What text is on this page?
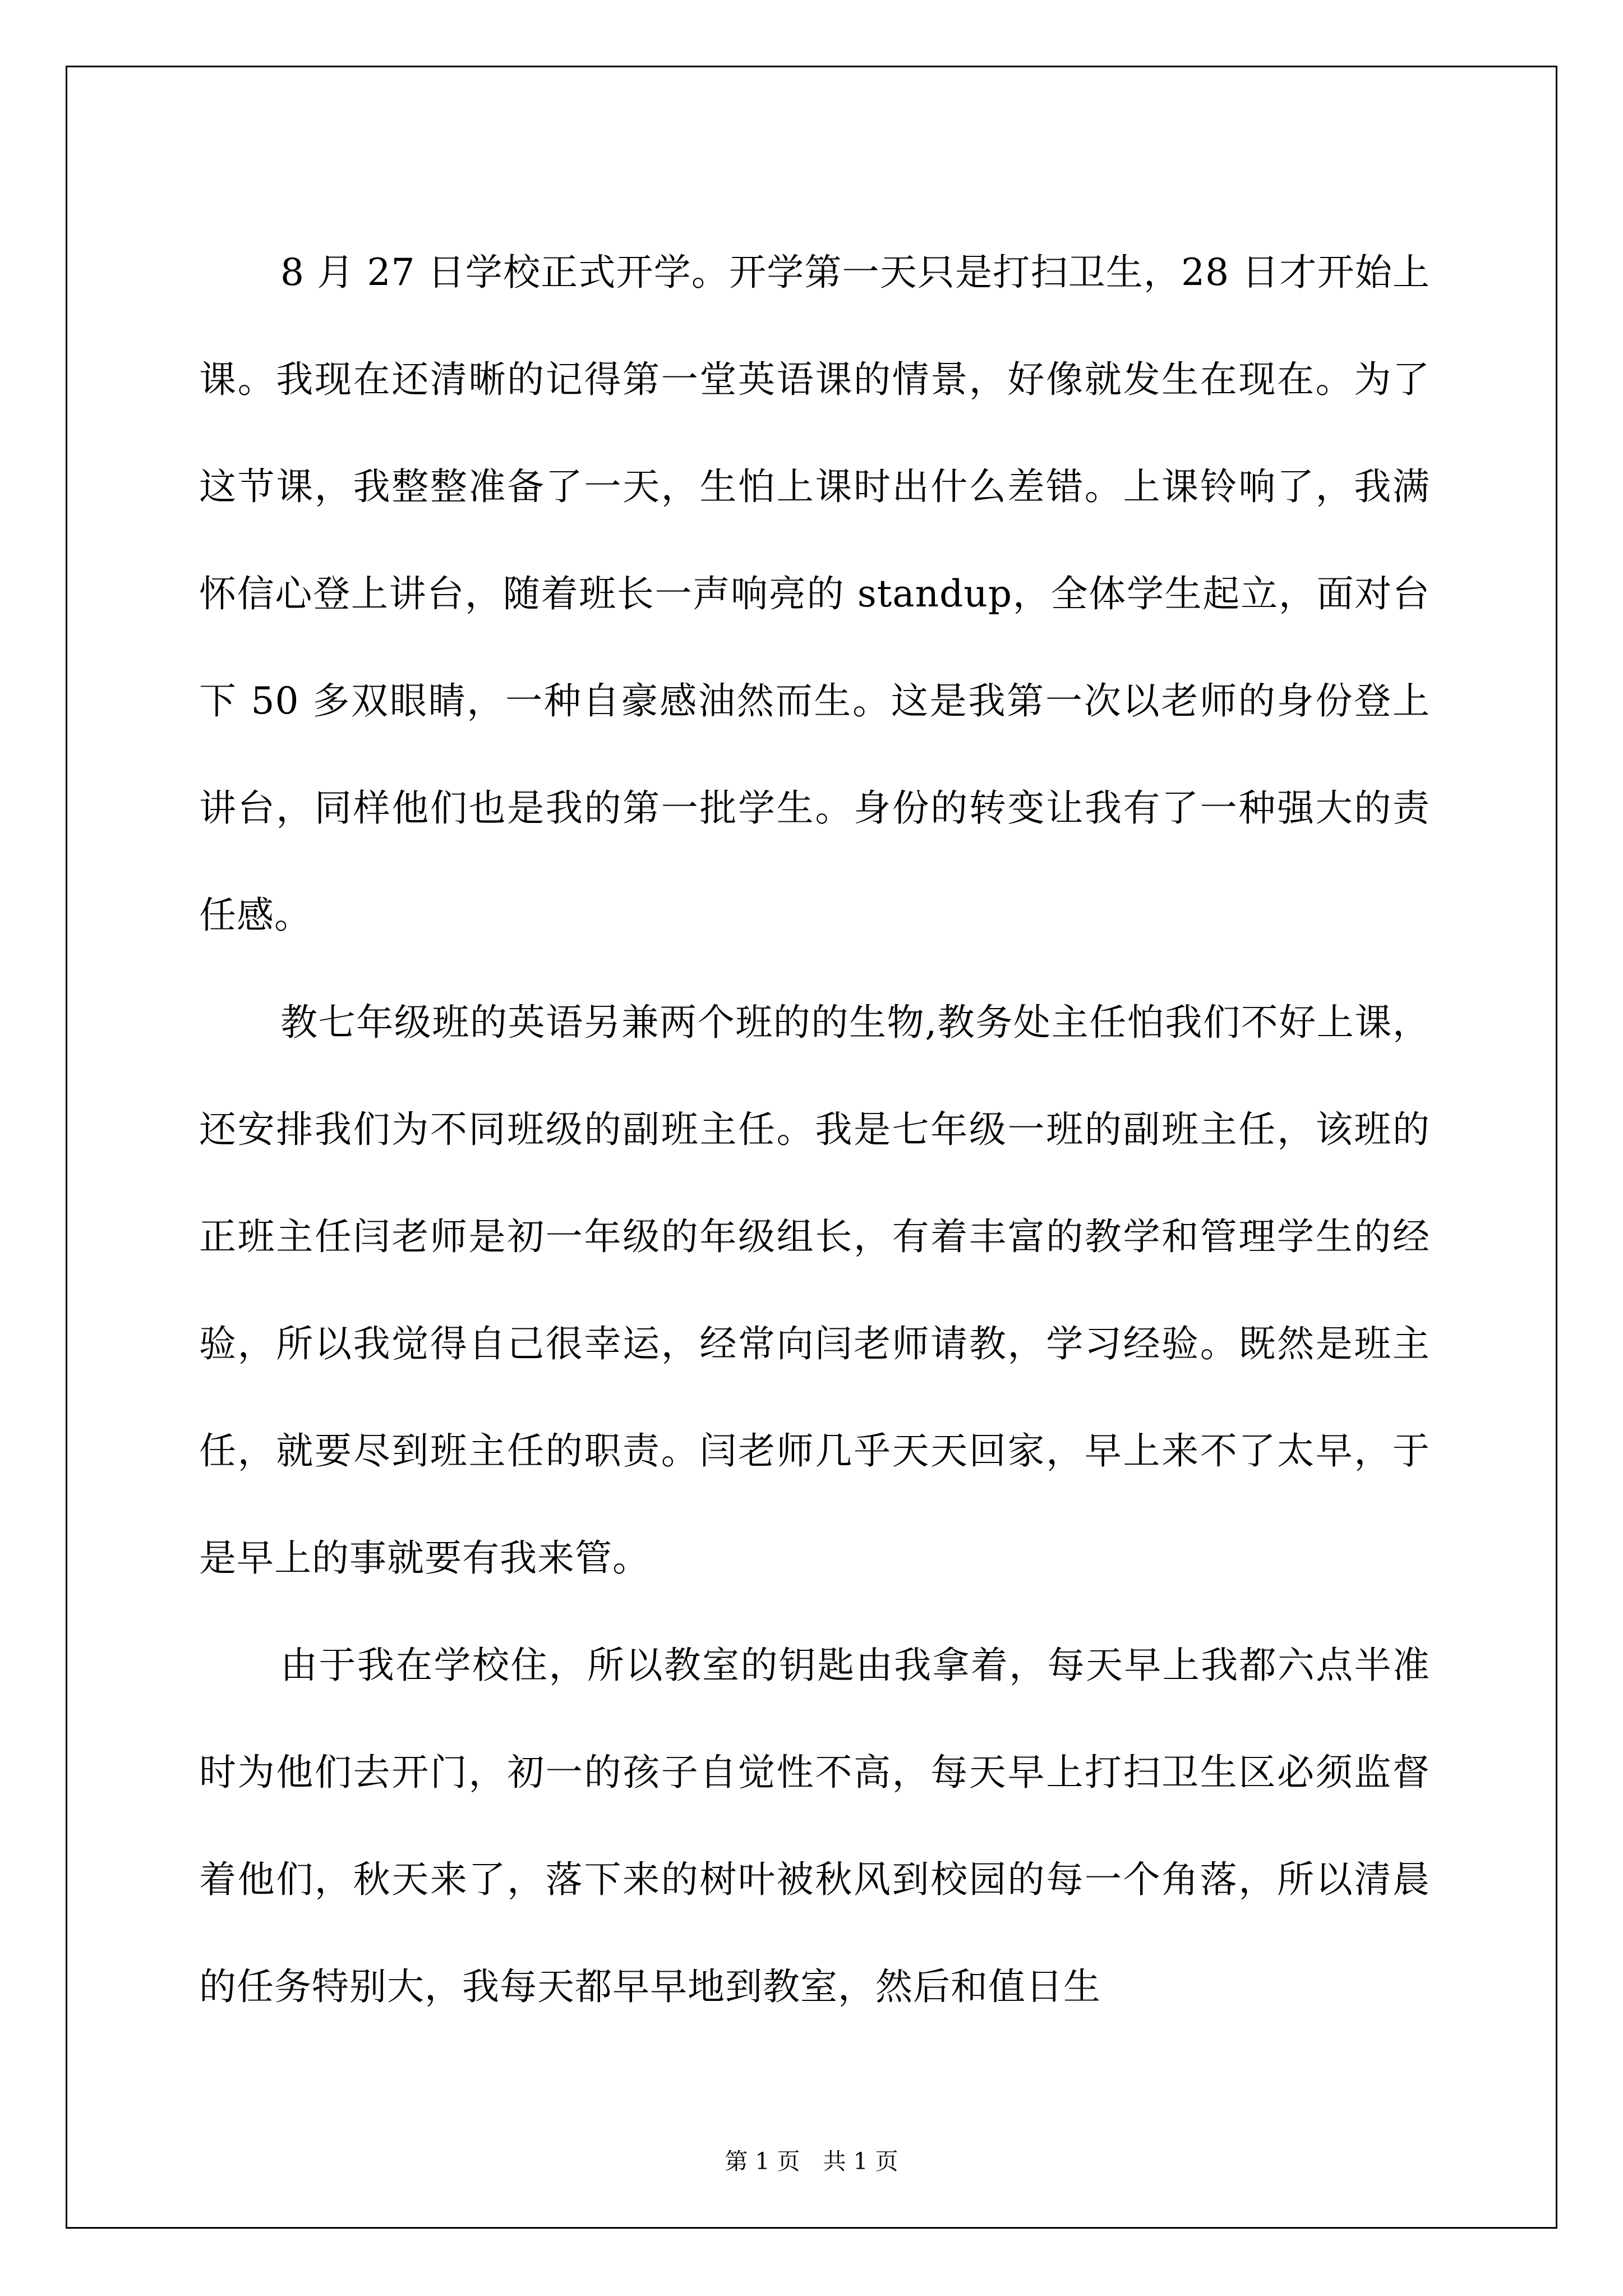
8 月 27 日学校正式开学。开学第一天只是打扫卫生，28 日才开始上课。我现在还清晰的记得第一堂英语课的情景，好像就发生在现在。为了这节课，我整整准备了一天，生怕上课时出什么差错。上课铃响了，我满怀信心登上讲台，随着班长一声响亮的 standup，全体学生起立，面对台下 50 多双眼睛，一种自豪感油然而生。这是我第一次以老师的身份登上讲台，同样他们也是我的第一批学生。身份的转变让我有了一种强大的责任感。

教七年级班的英语另兼两个班的的生物,教务处主任怕我们不好上课，还安排我们为不同班级的副班主任。我是七年级一班的副班主任，该班的正班主任闫老师是初一年级的年级组长，有着丰富的教学和管理学生的经验，所以我觉得自己很幸运，经常向闫老师请教，学习经验。既然是班主任，就要尽到班主任的职责。闫老师几乎天天回家，早上来不了太早，于是早上的事就要有我来管。

由于我在学校住，所以教室的钥匙由我拿着，每天早上我都六点半准时为他们去开门，初一的孩子自觉性不高，每天早上打扫卫生区必须监督着他们，秋天来了，落下来的树叶被秋风到校园的每一个角落，所以清晨的任务特别大，我每天都早早地到教室，然后和值日生

第 1 页　共 1 页
